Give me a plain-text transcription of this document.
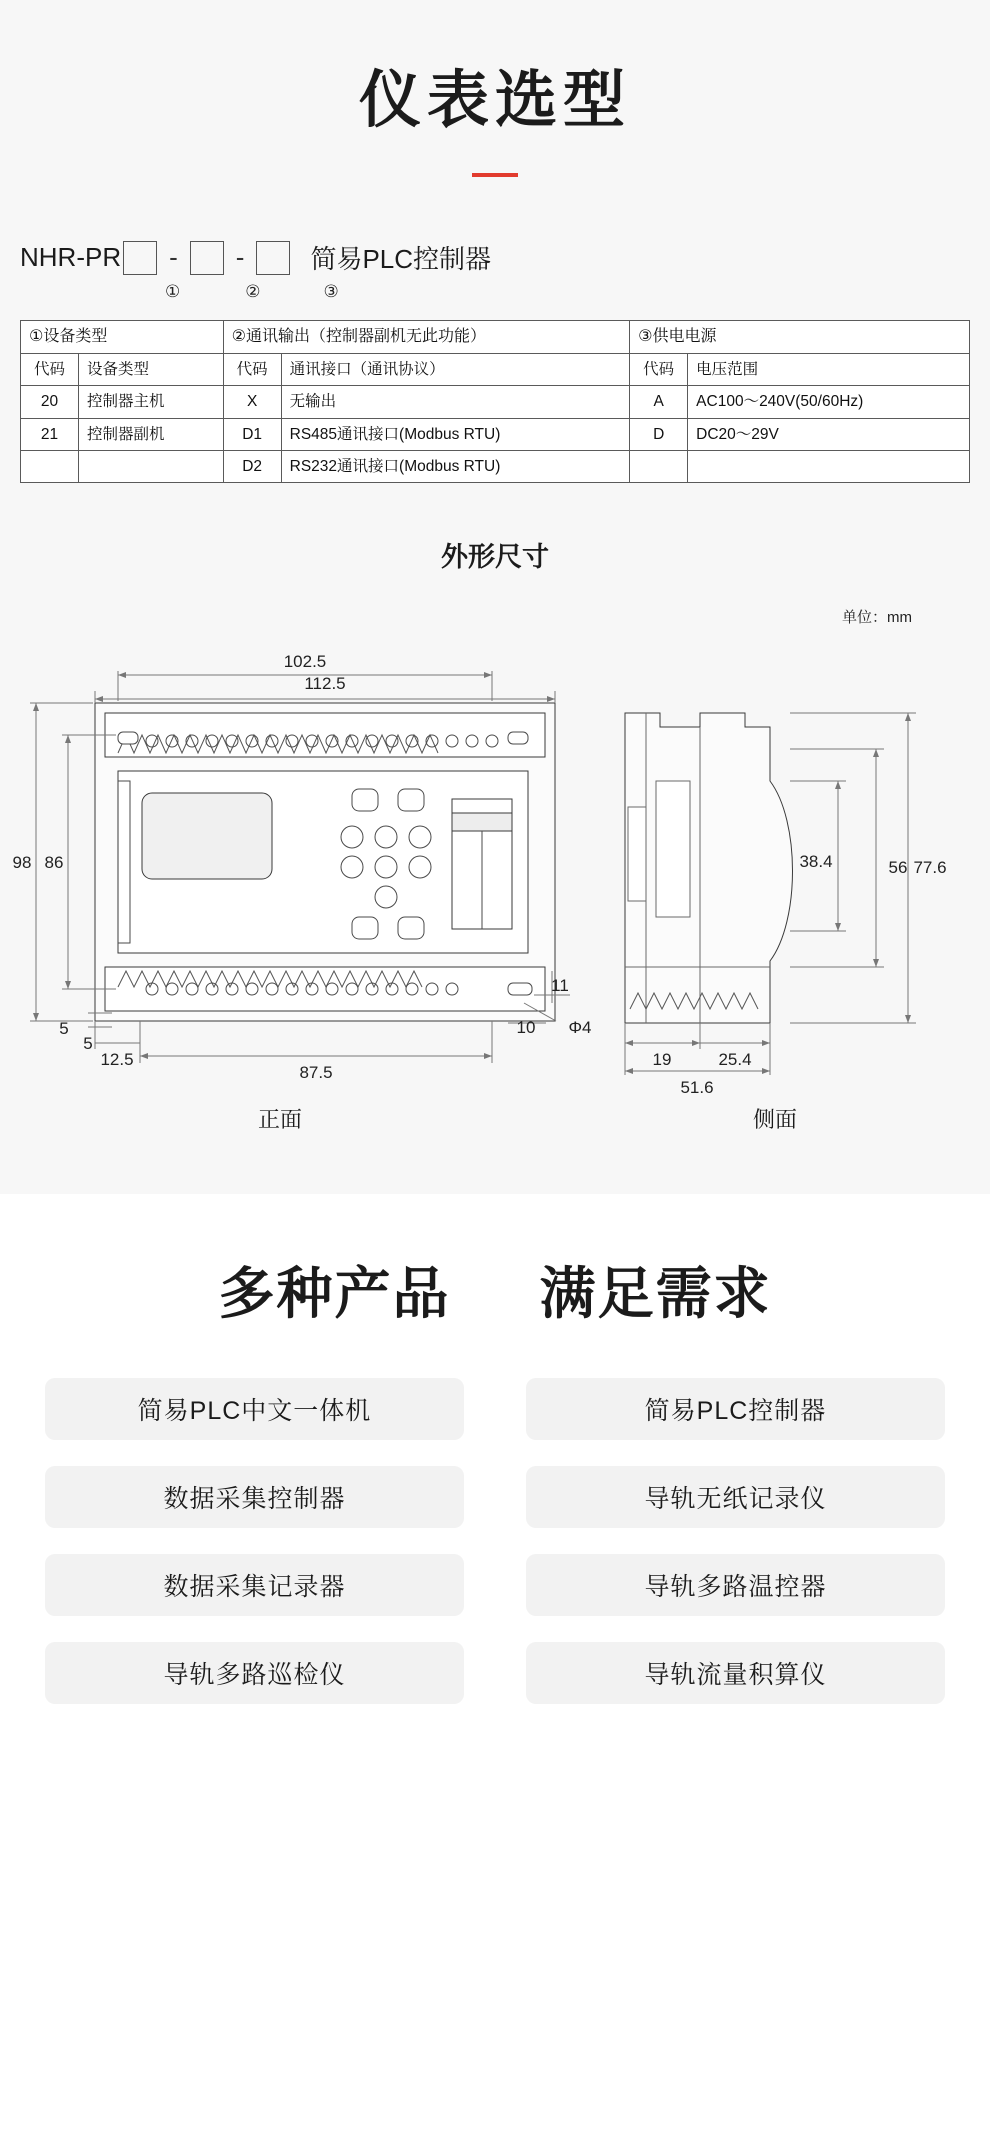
仪表选型
NHR-PR	-	-	简易PLC控制器
①	②	③
①设备类型		②通讯输出（控制器副机无此功能）		③供电电源	
代码	设备类型	代码	通讯接口（通讯协议）	代码	电压范围
20	控制器主机	X	无输出	A	AC100～240V(50/60Hz)
21	控制器副机	D1	RS485通讯接口(Modbus RTU)	D	DC20～29V
		D2	RS232通讯接口(Modbus RTU)		
外形尺寸
单位：mm
102.5
112.5
98 86
87.5
12.5
5
5	10
11
Φ4
77.6
56
38.4
19	25.4
51.6
正面	侧面
多种产品 满足需求
简易PLC中文一体机	简易PLC控制器
数据采集控制器	导轨无纸记录仪
数据采集记录器	导轨多路温控器
导轨多路巡检仪	导轨流量积算仪
